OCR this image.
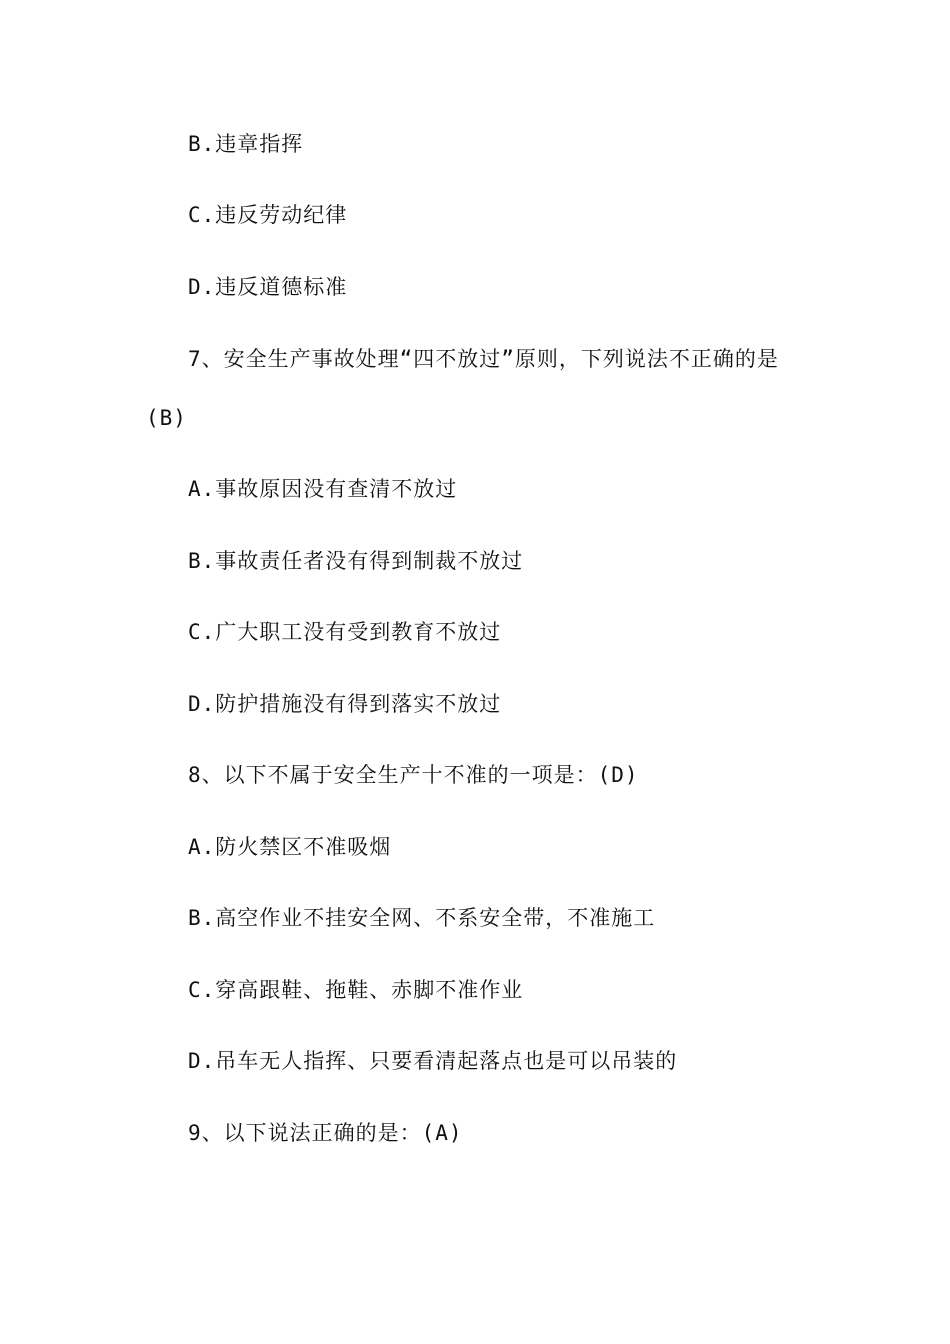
B.违章指挥
C.违反劳动纪律
D.违反道德标准
7、安全生产事故处理“四不放过”原则，下列说法不正确的是
(B)
A.事故原因没有查清不放过
B.事故责任者没有得到制裁不放过
C.广大职工没有受到教育不放过
D.防护措施没有得到落实不放过
8、以下不属于安全生产十不准的一项是：(D)
A.防火禁区不准吸烟
B.高空作业不挂安全网、不系安全带，不准施工
C.穿高跟鞋、拖鞋、赤脚不准作业
D.吊车无人指挥、只要看清起落点也是可以吊装的
9、以下说法正确的是：(A)
